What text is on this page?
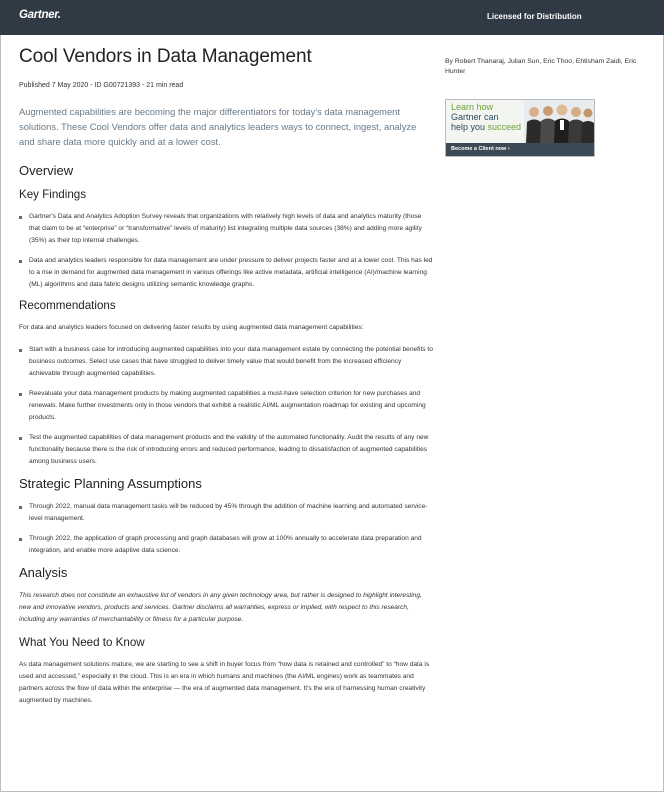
Gartner.	Licensed for Distribution
Cool Vendors in Data Management
Published 7 May 2020 - ID G00721393 - 21 min read
Augmented capabilities are becoming the major differentiators for today's data management solutions. These Cool Vendors offer data and analytics leaders ways to connect, ingest, analyze and share data more quickly and at a lower cost.
Overview
Key Findings
Gartner's Data and Analytics Adoption Survey reveals that organizations with relatively high levels of data and analytics maturity (those that claim to be at “enterprise” or “transformative” levels of maturity) list integrating multiple data sources (38%) and adding more agility (35%) as their top internal challenges.
Data and analytics leaders responsible for data management are under pressure to deliver projects faster and at a lower cost. This has led to a rise in demand for augmented data management in various offerings like active metadata, artificial intelligence (AI)/machine learning (ML) algorithms and data fabric designs utilizing semantic knowledge graphs.
Recommendations

For data and analytics leaders focused on delivering faster results by using augmented data management capabilities:

Start with a business case for introducing augmented capabilities into your data management estate by connecting the potential benefits to business outcomes. Select use cases that have struggled to deliver timely value that would benefit from the increased efficiency achievable through augmented capabilities.
Reevaluate your data management products by making augmented capabilities a must-have selection criterion for new purchases and renewals. Make further investments only in those vendors that exhibit a realistic AI/ML augmentation roadmap for existing and upcoming products.
Test the augmented capabilities of data management products and the validity of the automated functionality. Audit the results of any new functionality because there is the risk of introducing errors and reduced performance, leading to dissatisfaction of augmented capabilities among business users.
Strategic Planning Assumptions
Through 2022, manual data management tasks will be reduced by 45% through the addition of machine learning and automated service-level management.
Through 2022, the application of graph processing and graph databases will grow at 100% annually to accelerate data preparation and integration, and enable more adaptive data science.
Analysis

This research does not constitute an exhaustive list of vendors in any given technology area, but rather is designed to highlight interesting, new and innovative vendors, products and services. Gartner disclaims all warranties, express or implied, with respect to this research, including any warranties of merchantability or fitness for a particular purpose.

What You Need to Know

As data management solutions mature, we are starting to see a shift in buyer focus from “how data is retained and controlled” to “how data is used and accessed,” especially in the cloud. This is an era in which humans and machines (the AI/ML engines) work as teammates and partners across the flow of data within the enterprise — the era of augmented data management. It's the era of harnessing human creativity augmented by machines.

By Robert Thanaraj, Julian Sun, Eric Thoo, Ehtisham Zaidi, Eric Hunter
Learn how
Gartner can
help you succeed
Become a Client now ›
